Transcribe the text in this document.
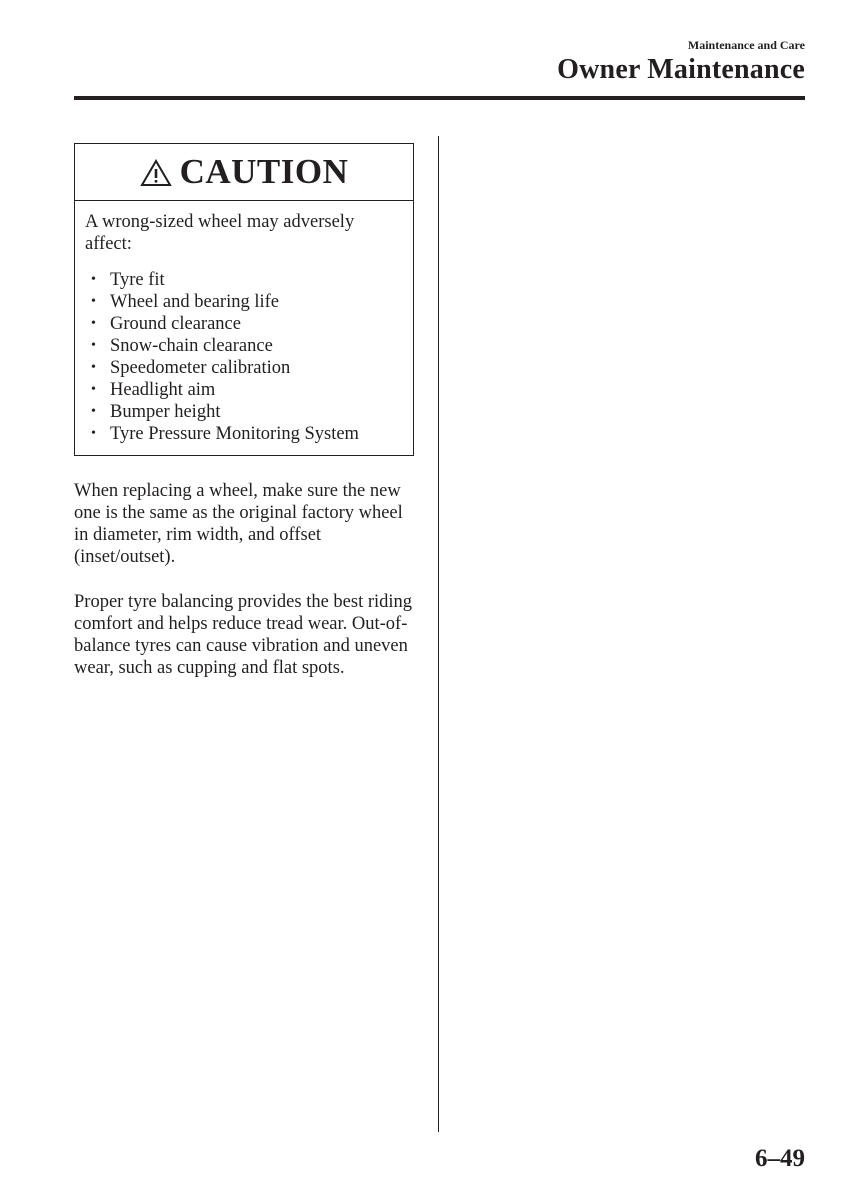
Maintenance and Care
Owner Maintenance
CAUTION

A wrong-sized wheel may adversely affect:

• Tyre fit
• Wheel and bearing life
• Ground clearance
• Snow-chain clearance
• Speedometer calibration
• Headlight aim
• Bumper height
• Tyre Pressure Monitoring System

When replacing a wheel, make sure the new one is the same as the original factory wheel in diameter, rim width, and offset (inset/outset).

Proper tyre balancing provides the best riding comfort and helps reduce tread wear. Out-of-balance tyres can cause vibration and uneven wear, such as cupping and flat spots.

6–49
